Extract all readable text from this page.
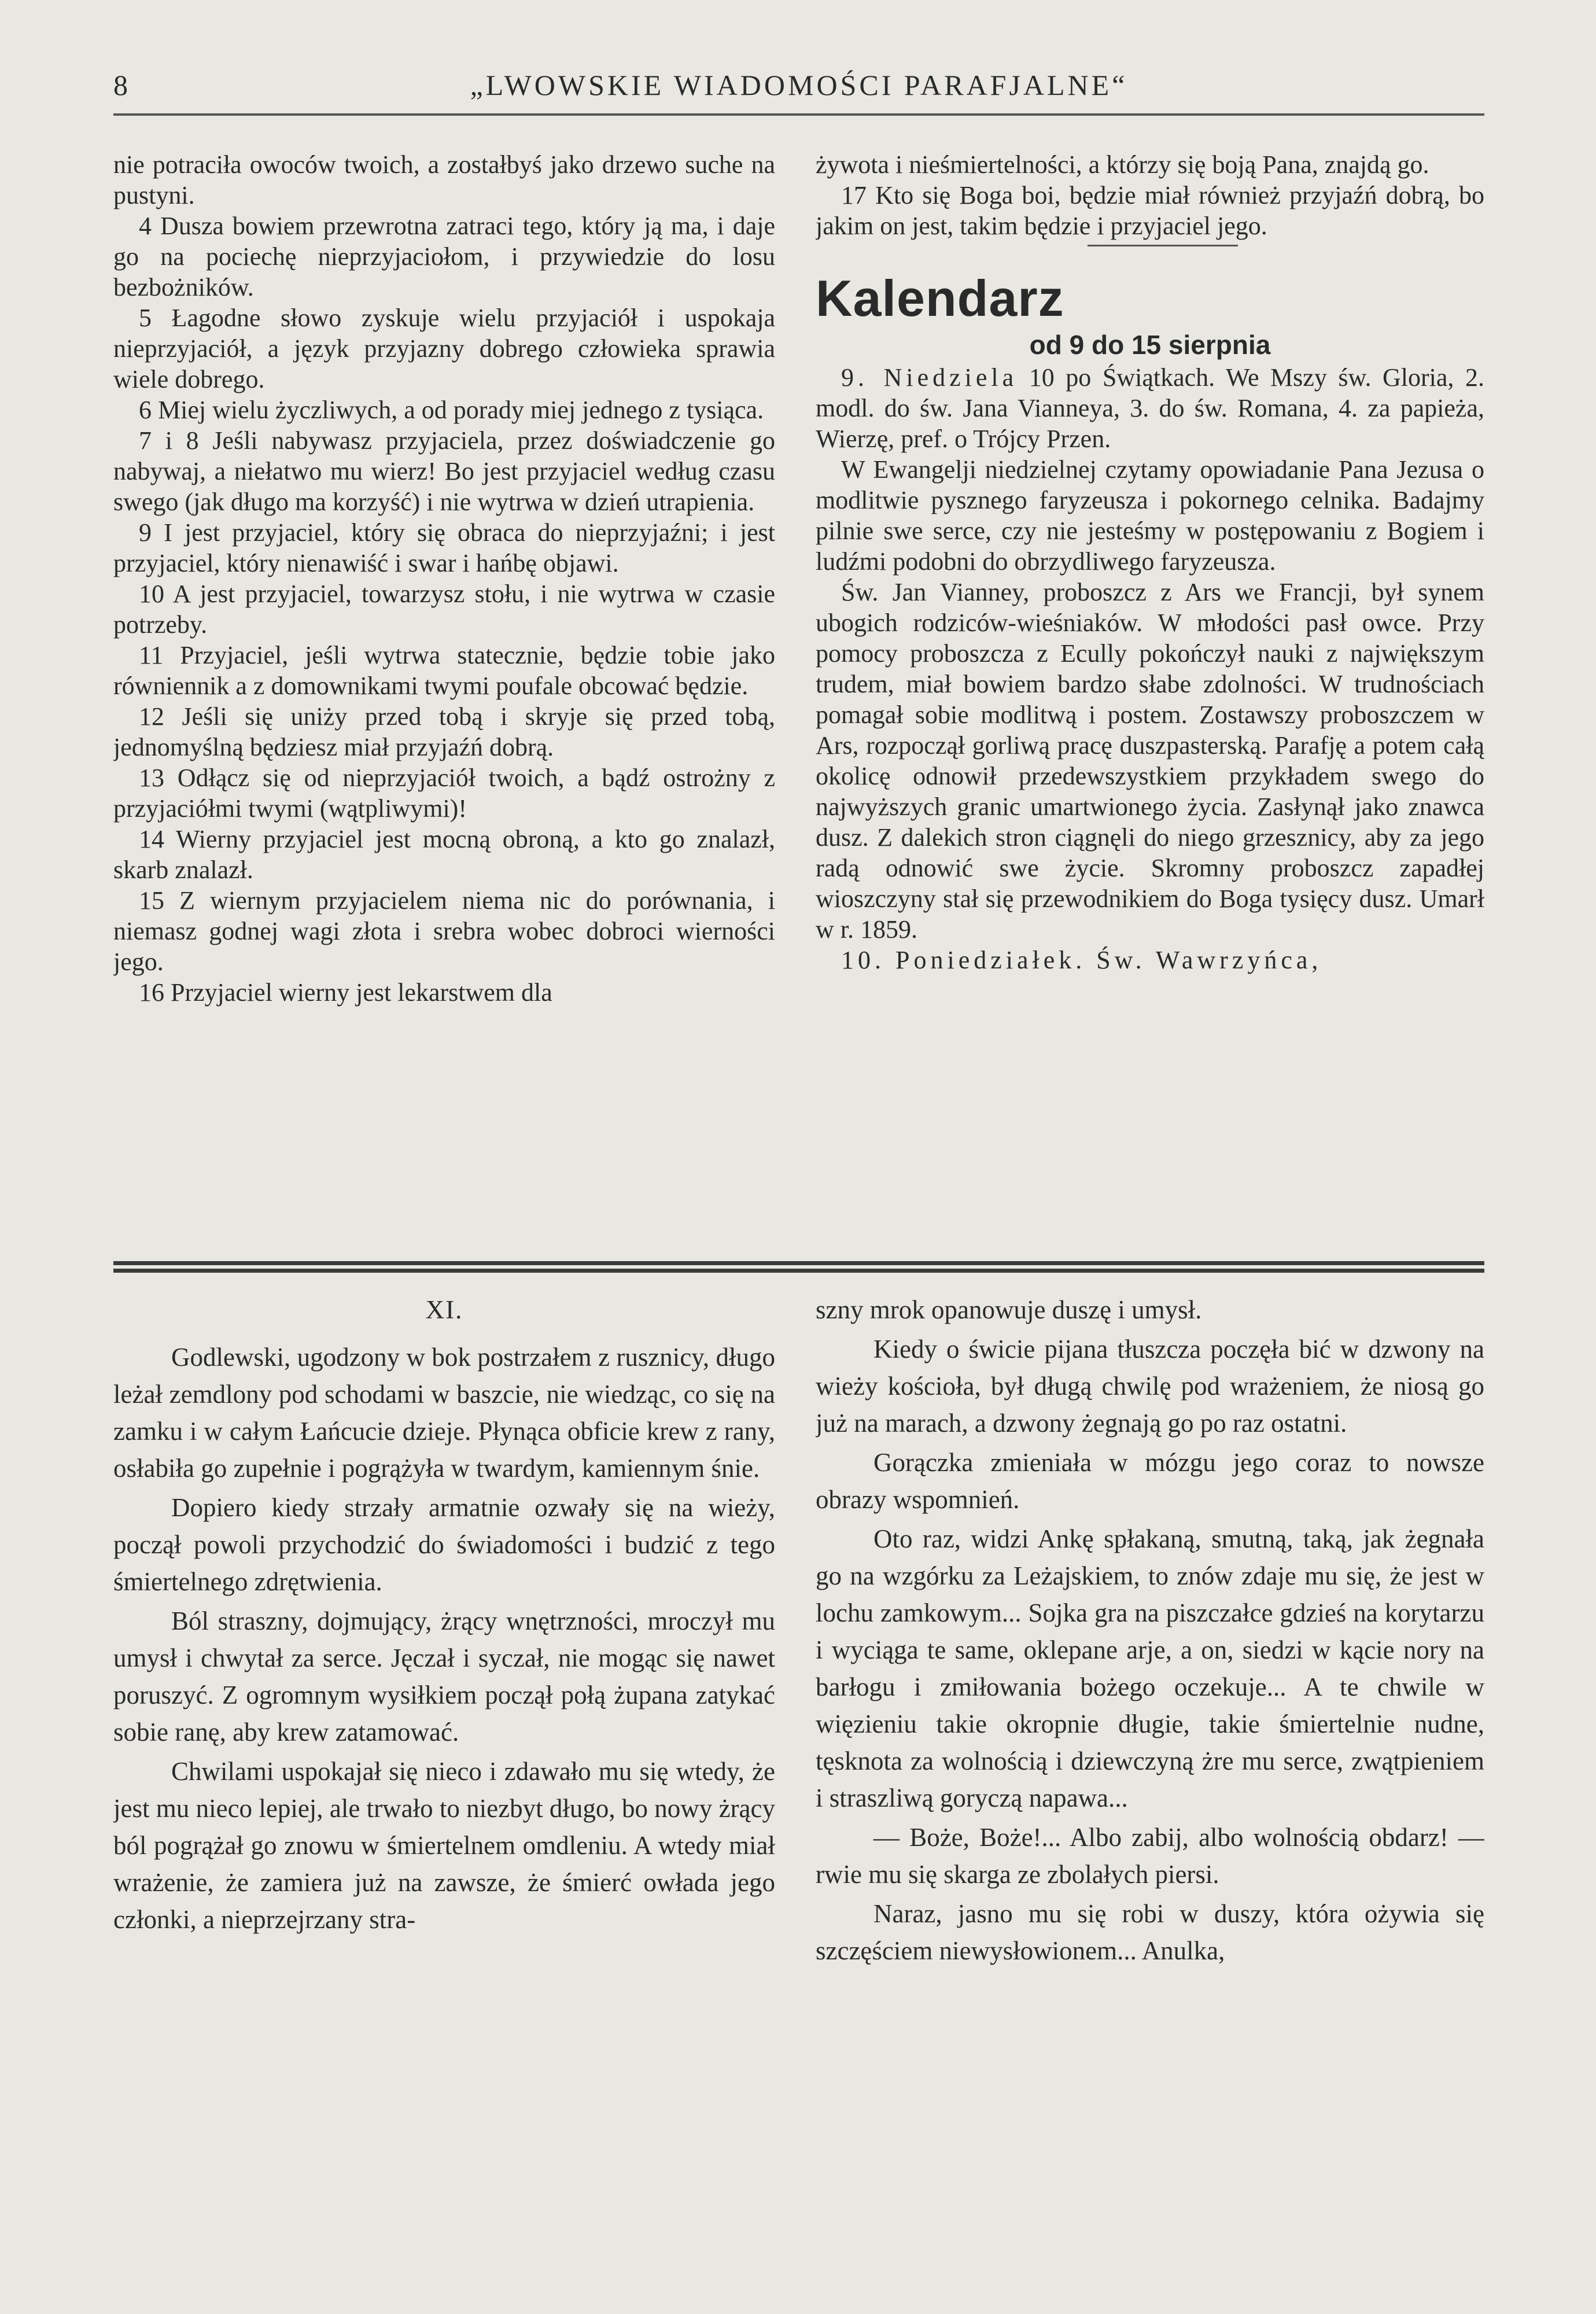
8	„LWOWSKIE WIADOMOŚCI PARAFJALNE“

nie potraciła owoców twoich, a zostałbyś jako drzewo suche na pustyni.

4 Dusza bowiem przewrotna zatraci tego, który ją ma, i daje go na pociechę nieprzyjaciołom, i przywiedzie do losu bezbożników.

5 Łagodne słowo zyskuje wielu przyjaciół i uspokaja nieprzyjaciół, a język przyjazny dobrego człowieka sprawia wiele dobrego.

6 Miej wielu życzliwych, a od porady miej jednego z tysiąca.

7 i 8 Jeśli nabywasz przyjaciela, przez doświadczenie go nabywaj, a niełatwo mu wierz! Bo jest przyjaciel według czasu swego (jak długo ma korzyść) i nie wytrwa w dzień utrapienia.

9 I jest przyjaciel, który się obraca do nieprzyjaźni; i jest przyjaciel, który nienawiść i swar i hańbę objawi.

10 A jest przyjaciel, towarzysz stołu, i nie wytrwa w czasie potrzeby.

11 Przyjaciel, jeśli wytrwa statecznie, będzie tobie jako równiennik a z domownikami twymi poufale obcować będzie.

12 Jeśli się uniży przed tobą i skryje się przed tobą, jednomyślną będziesz miał przyjaźń dobrą.

13 Odłącz się od nieprzyjaciół twoich, a bądź ostrożny z przyjaciółmi twymi (wątpliwymi)!

14 Wierny przyjaciel jest mocną obroną, a kto go znalazł, skarb znalazł.

15 Z wiernym przyjacielem niema nic do porównania, i niemasz godnej wagi złota i srebra wobec dobroci wierności jego.

16 Przyjaciel wierny jest lekarstwem dla

żywota i nieśmiertelności, a którzy się boją Pana, znajdą go.

17 Kto się Boga boi, będzie miał również przyjaźń dobrą, bo jakim on jest, takim będzie i przyjaciel jego.

Kalendarz

od 9 do 15 sierpnia

9. Niedziela 10 po Świątkach. We Mszy św. Gloria, 2. modl. do św. Jana Vianneya, 3. do św. Romana, 4. za papieża, Wierzę, pref. o Trójcy Przen.

W Ewangelji niedzielnej czytamy opowiadanie Pana Jezusa o modlitwie pysznego faryzeusza i pokornego celnika. Badajmy pilnie swe serce, czy nie jesteśmy w postępowaniu z Bogiem i ludźmi podobni do obrzydliwego faryzeusza.

Św. Jan Vianney, proboszcz z Ars we Francji, był synem ubogich rodziców-wieśniaków. W młodości pasł owce. Przy pomocy proboszcza z Ecully pokończył nauki z największym trudem, miał bowiem bardzo słabe zdolności. W trudnościach pomagał sobie modlitwą i postem. Zostawszy proboszczem w Ars, rozpoczął gorliwą pracę duszpasterską. Parafję a potem całą okolicę odnowił przedewszystkiem przykładem swego do najwyższych granic umartwionego życia. Zasłynął jako znawca dusz. Z dalekich stron ciągnęli do niego grzesznicy, aby za jego radą odnowić swe życie. Skromny proboszcz zapadłej wioszczyny stał się przewodnikiem do Boga tysięcy dusz. Umarł w r. 1859.

10. Poniedziałek. Św. Wawrzyńca,

XI.

Godlewski, ugodzony w bok postrzałem z rusznicy, długo leżał zemdlony pod schodami w baszcie, nie wiedząc, co się na zamku i w całym Łańcucie dzieje. Płynąca obficie krew z rany, osłabiła go zupełnie i pogrążyła w twardym, kamiennym śnie.

Dopiero kiedy strzały armatnie ozwały się na wieży, począł powoli przychodzić do świadomości i budzić z tego śmiertelnego zdrętwienia.

Ból straszny, dojmujący, żrący wnętrzności, mroczył mu umysł i chwytał za serce. Jęczał i syczał, nie mogąc się nawet poruszyć. Z ogromnym wysiłkiem począł połą żupana zatykać sobie ranę, aby krew zatamować.

Chwilami uspokajał się nieco i zdawało mu się wtedy, że jest mu nieco lepiej, ale trwało to niezbyt długo, bo nowy żrący ból pogrążał go znowu w śmiertelnem omdleniu. A wtedy miał wrażenie, że zamiera już na zawsze, że śmierć owłada jego członki, a nieprzejrzany stra-

szny mrok opanowuje duszę i umysł.

Kiedy o świcie pijana tłuszcza poczęła bić w dzwony na wieży kościoła, był długą chwilę pod wrażeniem, że niosą go już na marach, a dzwony żegnają go po raz ostatni.

Gorączka zmieniała w mózgu jego coraz to nowsze obrazy wspomnień.

Oto raz, widzi Ankę spłakaną, smutną, taką, jak żegnała go na wzgórku za Leżajskiem, to znów zdaje mu się, że jest w lochu zamkowym... Sojka gra na piszczałce gdzieś na korytarzu i wyciąga te same, oklepane arje, a on, siedzi w kącie nory na barłogu i zmiłowania bożego oczekuje... A te chwile w więzieniu takie okropnie długie, takie śmiertelnie nudne, tęsknota za wolnością i dziewczyną żre mu serce, zwątpieniem i straszliwą goryczą napawa...

— Boże, Boże!... Albo zabij, albo wolnością obdarz! — rwie mu się skarga ze zbolałych piersi.

Naraz, jasno mu się robi w duszy, która ożywia się szczęściem niewysłowionem... Anulka,
